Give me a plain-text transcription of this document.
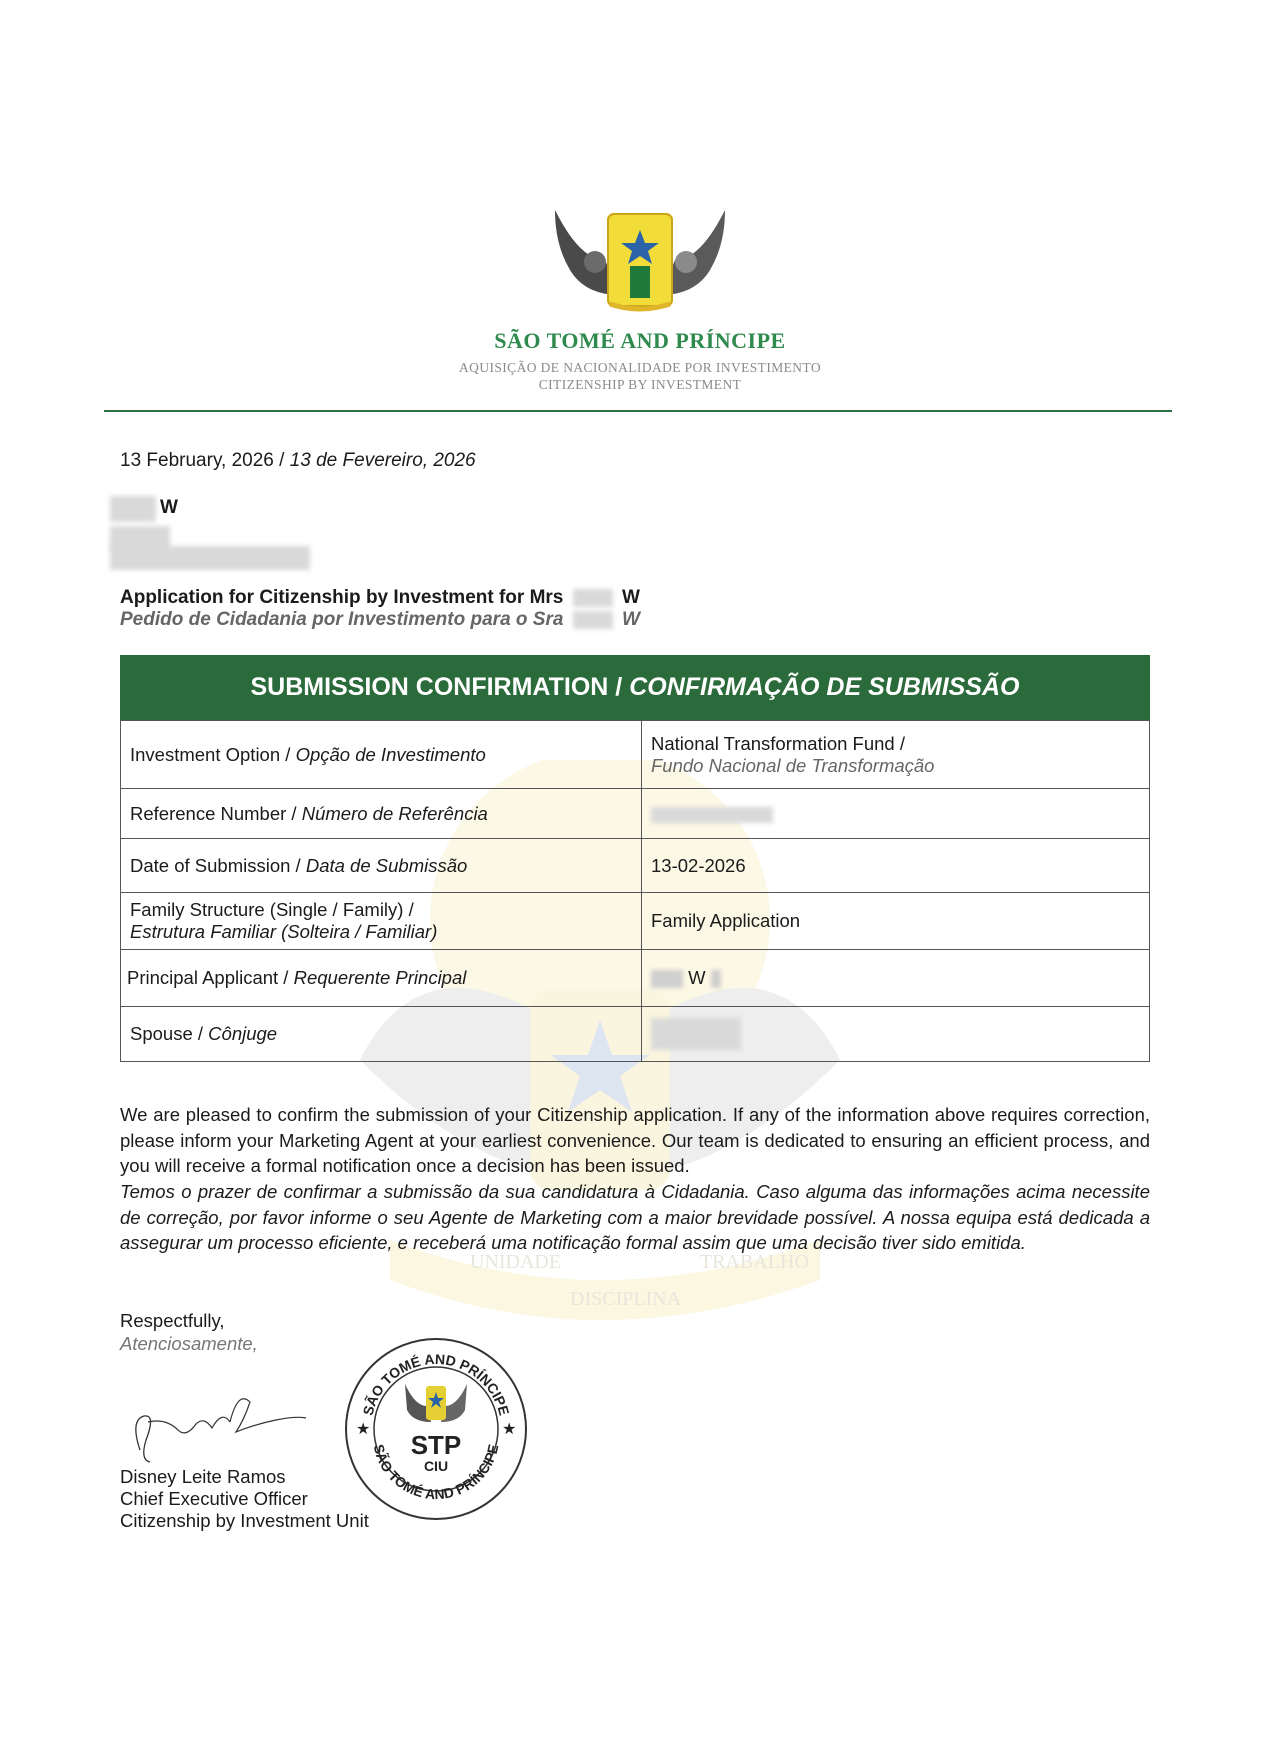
UNIDADE
DISCIPLINA
TRABALHO
SÃO TOMÉ AND PRÍNCIPE
AQUISIÇÃO DE NACIONALIDADE POR INVESTIMENTO
CITIZENSHIP BY INVESTMENT
13 February, 2026 / 13 de Fevereiro, 2026
W
Application for Citizenship by Investment for Mrs	W
Pedido de Cidadania por Investimento para o Sra	W
SUBMISSION CONFIRMATION /
CONFIRMAÇÃO DE SUBMISSÃO
Investment Option / Opção de Investimento	National Transformation Fund /
Fundo Nacional de Transformação

Reference Number / Número de Referência	
Date of Submission / Data de Submissão	13-02-2026

Family Structure (Single / Family) /
Estrutura Familiar (Solteira / Familiar)	Family Application
Principal Applicant / Requerente Principal	W
Spouse / Cônjuge	
We are pleased to confirm the submission of your Citizenship application. If any of the information above requires correction, please inform your Marketing Agent at your earliest convenience. Our team is dedicated to ensuring an efficient process, and you will receive a formal notification once a decision has been issued.
Temos o prazer de confirmar a submissão da sua candidatura à Cidadania. Caso alguma das informações acima necessite de correção, por favor informe o seu Agente de Marketing com a maior brevidade possível. A nossa equipa está dedicada a assegurar um processo eficiente, e receberá uma notificação formal assim que uma decisão tiver sido emitida.
Respectfully,
Atenciosamente,
Disney Leite Ramos
Chief Executive Officer
Citizenship by Investment Unit
SÃO TOMÉ AND PRÍNCIPE
SÃO TOMÉ AND PRÍNCIPE
★	★
STP
CIU
